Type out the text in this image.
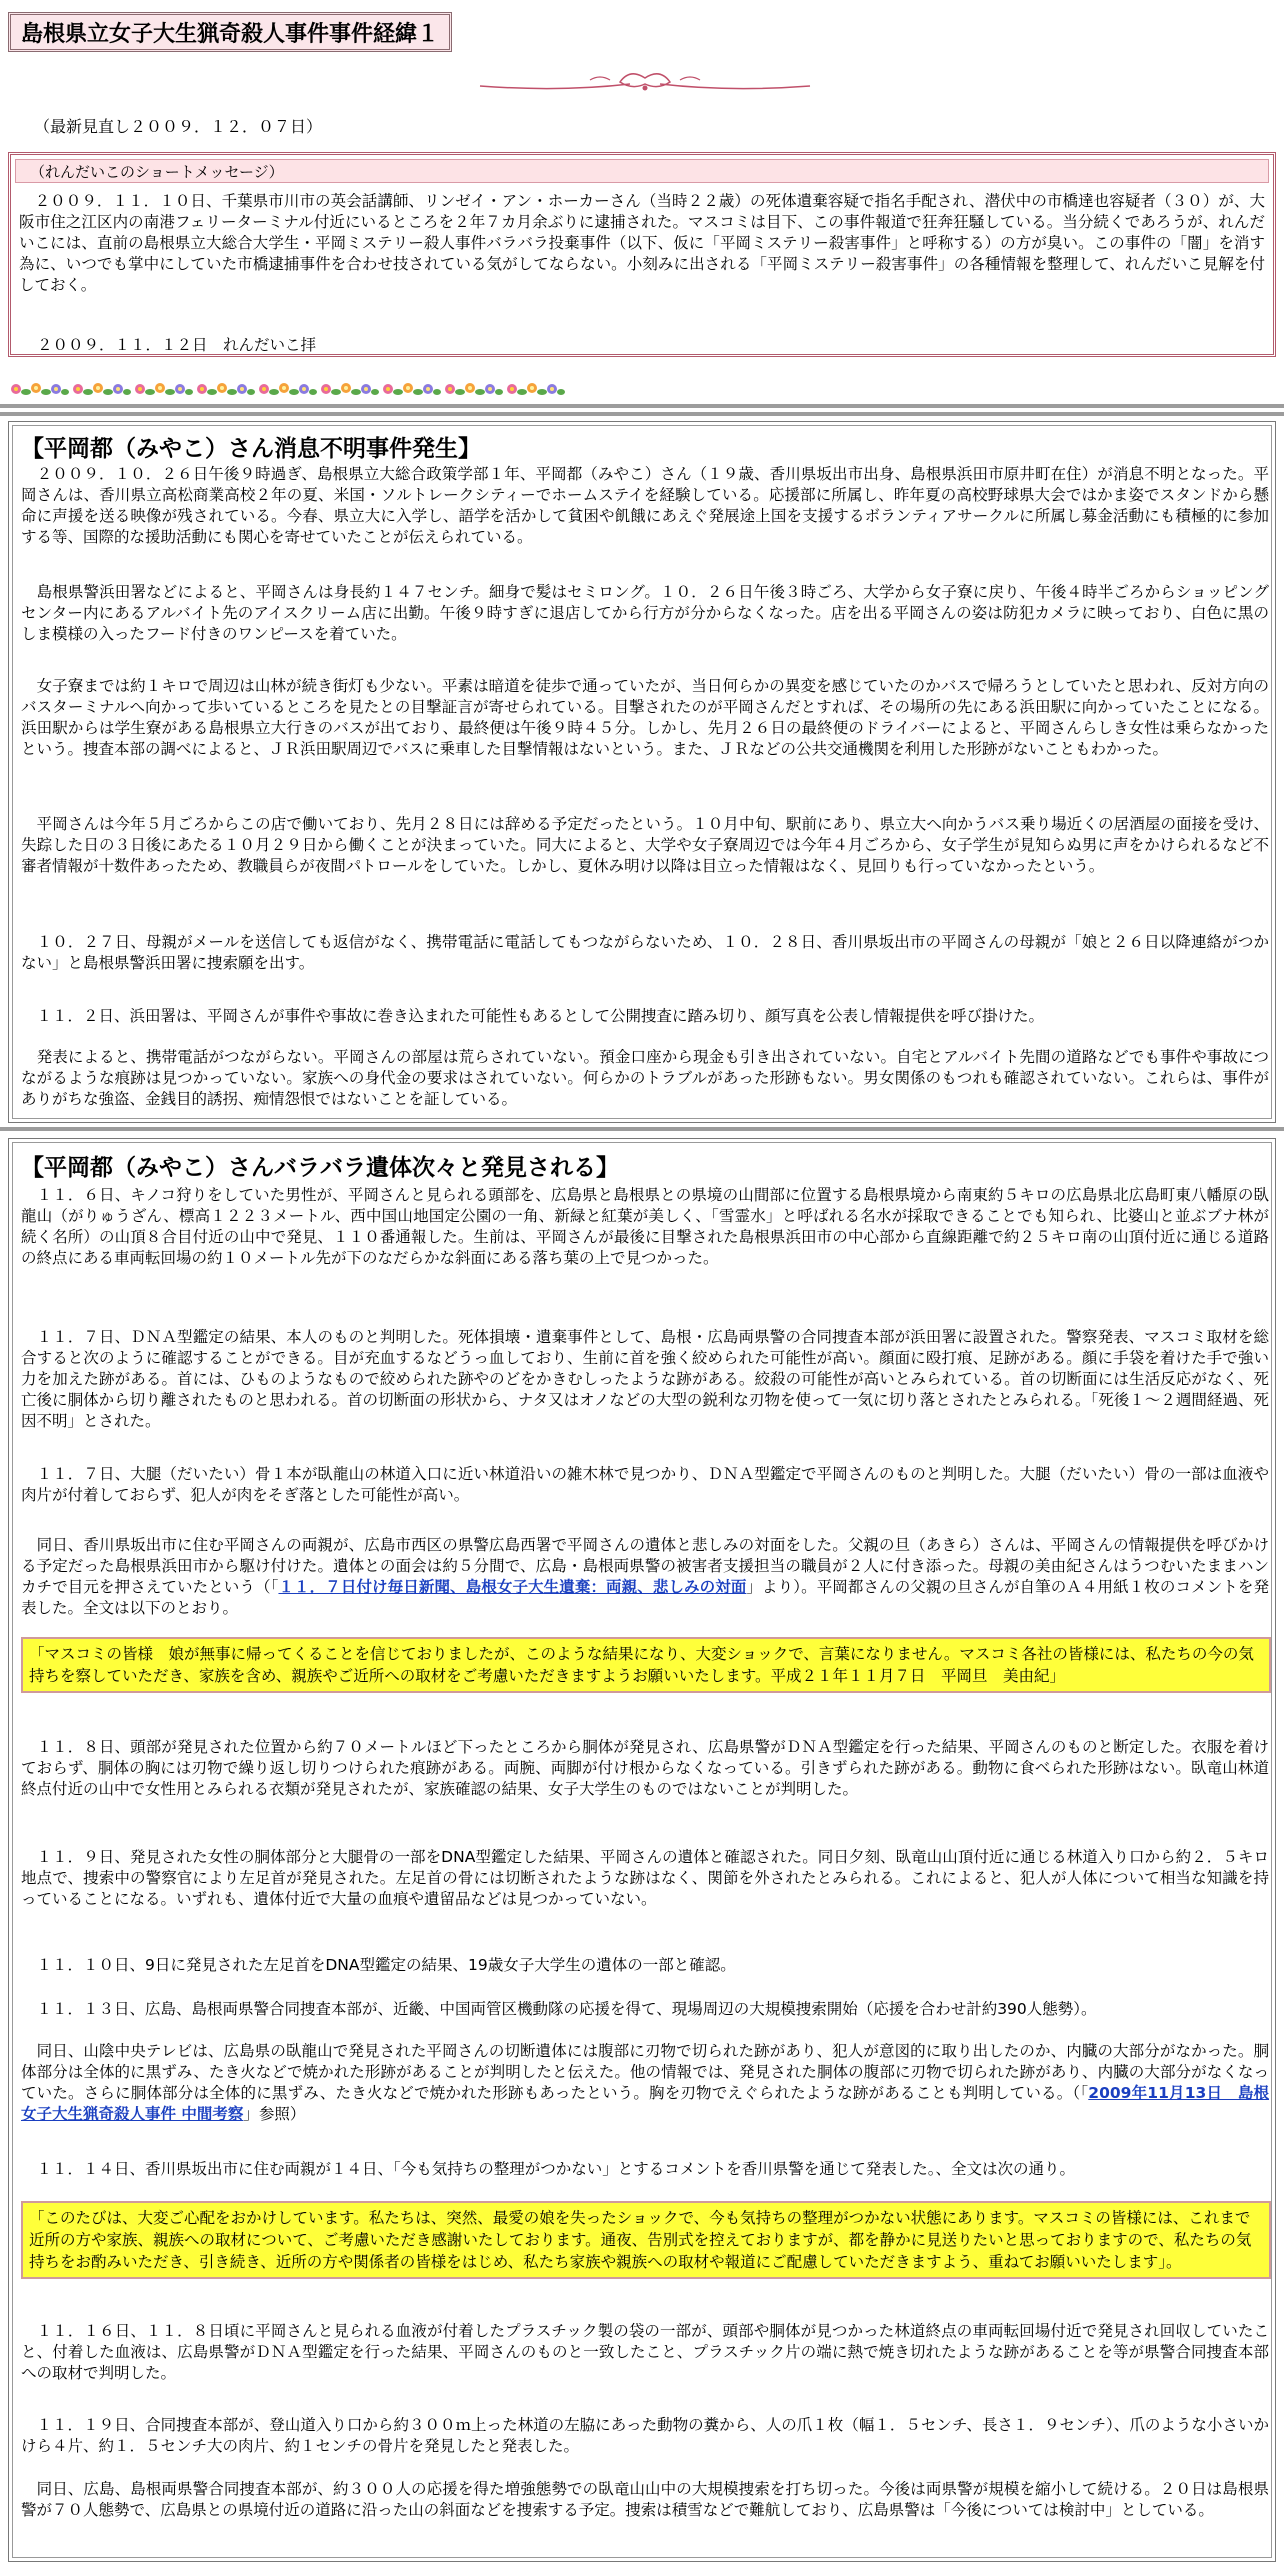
島根県立女子大生猟奇殺人事件事件経緯１
（最新見直し２００９．１２．０７日）
（れんだいこのショートメッセージ）
　２００９．１１．１０日、千葉県市川市の英会話講師、リンゼイ・アン・ホーカーさん（当時２２歳）の死体遺棄容疑で指名手配され、潜伏中の市橋達也容疑者（３０）が、大阪市住之江区内の南港フェリーターミナル付近にいるところを２年７カ月余ぶりに逮捕された。マスコミは目下、この事件報道で狂奔狂騒している。当分続くであろうが、れんだいこには、直前の島根県立大総合大学生・平岡ミステリー殺人事件バラバラ投棄事件（以下、仮に「平岡ミステリー殺害事件」と呼称する）の方が臭い。この事件の「闇」を消す為に、いつでも掌中にしていた市橋逮捕事件を合わせ技されている気がしてならない。小刻みに出される「平岡ミステリー殺害事件」の各種情報を整理して、れんだいこ見解を付しておく。
２００９．１１．１２日　れんだいこ拝
【平岡都（みやこ）さん消息不明事件発生】
　２００９．１０．２６日午後９時過ぎ、島根県立大総合政策学部１年、平岡都（みやこ）さん（１９歳、香川県坂出市出身、島根県浜田市原井町在住）が消息不明となった。平岡さんは、香川県立高松商業高校２年の夏、米国・ソルトレークシティーでホームステイを経験している。応援部に所属し、昨年夏の高校野球県大会ではかま姿でスタンドから懸命に声援を送る映像が残されている。今春、県立大に入学し、語学を活かして貧困や飢餓にあえぐ発展途上国を支援するボランティアサークルに所属し募金活動にも積極的に参加する等、国際的な援助活動にも関心を寄せていたことが伝えられている。
　島根県警浜田署などによると、平岡さんは身長約１４７センチ。細身で髪はセミロング。１０．２６日午後３時ごろ、大学から女子寮に戻り、午後４時半ごろからショッピングセンター内にあるアルバイト先のアイスクリーム店に出勤。午後９時すぎに退店してから行方が分からなくなった。店を出る平岡さんの姿は防犯カメラに映っており、白色に黒のしま模様の入ったフード付きのワンピースを着ていた。
　女子寮までは約１キロで周辺は山林が続き街灯も少ない。平素は暗道を徒歩で通っていたが、当日何らかの異変を感じていたのかバスで帰ろうとしていたと思われ、反対方向のバスターミナルへ向かって歩いているところを見たとの目撃証言が寄せられている。目撃されたのが平岡さんだとすれば、その場所の先にある浜田駅に向かっていたことになる。浜田駅からは学生寮がある島根県立大行きのバスが出ており、最終便は午後９時４５分。しかし、先月２６日の最終便のドライバーによると、平岡さんらしき女性は乗らなかったという。捜査本部の調べによると、ＪＲ浜田駅周辺でバスに乗車した目撃情報はないという。また、ＪＲなどの公共交通機関を利用した形跡がないこともわかった。
　平岡さんは今年５月ごろからこの店で働いており、先月２８日には辞める予定だったという。１０月中旬、駅前にあり、県立大へ向かうバス乗り場近くの居酒屋の面接を受け、失踪した日の３日後にあたる１０月２９日から働くことが決まっていた。同大によると、大学や女子寮周辺では今年４月ごろから、女子学生が見知らぬ男に声をかけられるなど不審者情報が十数件あったため、教職員らが夜間パトロールをしていた。しかし、夏休み明け以降は目立った情報はなく、見回りも行っていなかったという。
　１０．２７日、母親がメールを送信しても返信がなく、携帯電話に電話してもつながらないため、１０．２８日、香川県坂出市の平岡さんの母親が「娘と２６日以降連絡がつかない」と島根県警浜田署に捜索願を出す。
　１１．２日、浜田署は、平岡さんが事件や事故に巻き込まれた可能性もあるとして公開捜査に踏み切り、顔写真を公表し情報提供を呼び掛けた。
　発表によると、携帯電話がつながらない。平岡さんの部屋は荒らされていない。預金口座から現金も引き出されていない。自宅とアルバイト先間の道路などでも事件や事故につながるような痕跡は見つかっていない。家族への身代金の要求はされていない。何らかのトラブルがあった形跡もない。男女関係のもつれも確認されていない。これらは、事件がありがちな強盗、金銭目的誘拐、痴情怨恨ではないことを証している。
【平岡都（みやこ）さんバラバラ遺体次々と発見される】
　１１．６日、キノコ狩りをしていた男性が、平岡さんと見られる頭部を、広島県と島根県との県境の山間部に位置する島根県境から南東約５キロの広島県北広島町東八幡原の臥龍山（がりゅうざん、標高１２２３メートル、西中国山地国定公園の一角、新緑と紅葉が美しく、「雪霊水」と呼ばれる名水が採取できることでも知られ、比婆山と並ぶブナ林が続く名所）の山頂８合目付近の山中で発見、１１０番通報した。生前は、平岡さんが最後に目撃された島根県浜田市の中心部から直線距離で約２５キロ南の山頂付近に通じる道路の終点にある車両転回場の約１０メートル先が下のなだらかな斜面にある落ち葉の上で見つかった。
　１１．７日、ＤＮＡ型鑑定の結果、本人のものと判明した。死体損壊・遺棄事件として、島根・広島両県警の合同捜査本部が浜田署に設置された。警察発表、マスコミ取材を総合すると次のように確認することができる。目が充血するなどうっ血しており、生前に首を強く絞められた可能性が高い。顔面に殴打痕、足跡がある。顔に手袋を着けた手で強い力を加えた跡がある。首には、ひものようなもので絞められた跡やのどをかきむしったような跡がある。絞殺の可能性が高いとみられている。首の切断面には生活反応がなく、死亡後に胴体から切り離されたものと思われる。首の切断面の形状から、ナタ又はオノなどの大型の鋭利な刃物を使って一気に切り落とされたとみられる。「死後１～２週間経過、死因不明」とされた。
　１１．７日、大腿（だいたい）骨１本が臥龍山の林道入口に近い林道沿いの雑木林で見つかり、ＤＮＡ型鑑定で平岡さんのものと判明した。大腿（だいたい）骨の一部は血液や肉片が付着しておらず、犯人が肉をそぎ落とした可能性が高い。
　同日、香川県坂出市に住む平岡さんの両親が、広島市西区の県警広島西署で平岡さんの遺体と悲しみの対面をした。父親の旦（あきら）さんは、平岡さんの情報提供を呼びかける予定だった島根県浜田市から駆け付けた。遺体との面会は約５分間で、広島・島根両県警の被害者支援担当の職員が２人に付き添った。母親の美由紀さんはうつむいたままハンカチで目元を押さえていたという（「１１．７日付け毎日新聞、島根女子大生遺棄：両親、悲しみの対面」より）。平岡都さんの父親の旦さんが自筆のＡ４用紙１枚のコメントを発表した。全文は以下のとおり。
「マスコミの皆様　娘が無事に帰ってくることを信じておりましたが、このような結果になり、大変ショックで、言葉になりません。マスコミ各社の皆様には、私たちの今の気持ちを察していただき、家族を含め、親族やご近所への取材をご考慮いただきますようお願いいたします。平成２１年１１月７日　平岡旦　美由紀」
　１１．８日、頭部が発見された位置から約７０メートルほど下ったところから胴体が発見され、広島県警がＤＮＡ型鑑定を行った結果、平岡さんのものと断定した。衣服を着けておらず、胴体の胸には刃物で繰り返し切りつけられた痕跡がある。両腕、両脚が付け根からなくなっている。引きずられた跡がある。動物に食べられた形跡はない。臥竜山林道終点付近の山中で女性用とみられる衣類が発見されたが、家族確認の結果、女子大学生のものではないことが判明した。
　１１．９日、発見された女性の胴体部分と大腿骨の一部をDNA型鑑定した結果、平岡さんの遺体と確認された。同日夕刻、臥竜山山頂付近に通じる林道入り口から約２．５キロ地点で、捜索中の警察官により左足首が発見された。左足首の骨には切断されたような跡はなく、関節を外されたとみられる。これによると、犯人が人体について相当な知識を持っていることになる。いずれも、遺体付近で大量の血痕や遺留品などは見つかっていない。
　１１．１０日、9日に発見された左足首をDNA型鑑定の結果、19歳女子大学生の遺体の一部と確認。
　１１．１３日、広島、島根両県警合同捜査本部が、近畿、中国両管区機動隊の応援を得て、現場周辺の大規模捜索開始（応援を合わせ計約390人態勢）。
　同日、山陰中央テレビは、広島県の臥龍山で発見された平岡さんの切断遺体には腹部に刃物で切られた跡があり、犯人が意図的に取り出したのか、内臓の大部分がなかった。胴体部分は全体的に黒ずみ、たき火などで焼かれた形跡があることが判明したと伝えた。他の情報では、発見された胴体の腹部に刃物で切られた跡があり、内臓の大部分がなくなっていた。さらに胴体部分は全体的に黒ずみ、たき火などで焼かれた形跡もあったという。胸を刃物でえぐられたような跡があることも判明している。（「2009年11月13日　島根女子大生猟奇殺人事件 中間考察」参照）
　１１．１４日、香川県坂出市に住む両親が１４日、「今も気持ちの整理がつかない」とするコメントを香川県警を通じて発表した。、全文は次の通り。
「このたびは、大変ご心配をおかけしています。私たちは、突然、最愛の娘を失ったショックで、今も気持ちの整理がつかない状態にあります。マスコミの皆様には、これまで近所の方や家族、親族への取材について、ご考慮いただき感謝いたしております。通夜、告別式を控えておりますが、都を静かに見送りたいと思っておりますので、私たちの気持ちをお酌みいただき、引き続き、近所の方や関係者の皆様をはじめ、私たち家族や親族への取材や報道にご配慮していただきますよう、重ねてお願いいたします」。
　１１．１６日、１１．８日頃に平岡さんと見られる血液が付着したプラスチック製の袋の一部が、頭部や胴体が見つかった林道終点の車両転回場付近で発見され回収していたこと、付着した血液は、広島県警がＤＮＡ型鑑定を行った結果、平岡さんのものと一致したこと、プラスチック片の端に熱で焼き切れたような跡があることを等が県警合同捜査本部への取材で判明した。
　１１．１９日、合同捜査本部が、登山道入り口から約３００ｍ上った林道の左脇にあった動物の糞から、人の爪１枚（幅１．５センチ、長さ１．９センチ）、爪のような小さいかけら４片、約１．５センチ大の肉片、約１センチの骨片を発見したと発表した。
　同日、広島、島根両県警合同捜査本部が、約３００人の応援を得た増強態勢での臥竜山山中の大規模捜索を打ち切った。今後は両県警が規模を縮小して続ける。２０日は島根県警が７０人態勢で、広島県との県境付近の道路に沿った山の斜面などを捜索する予定。捜索は積雪などで難航しており、広島県警は「今後については検討中」としている。
